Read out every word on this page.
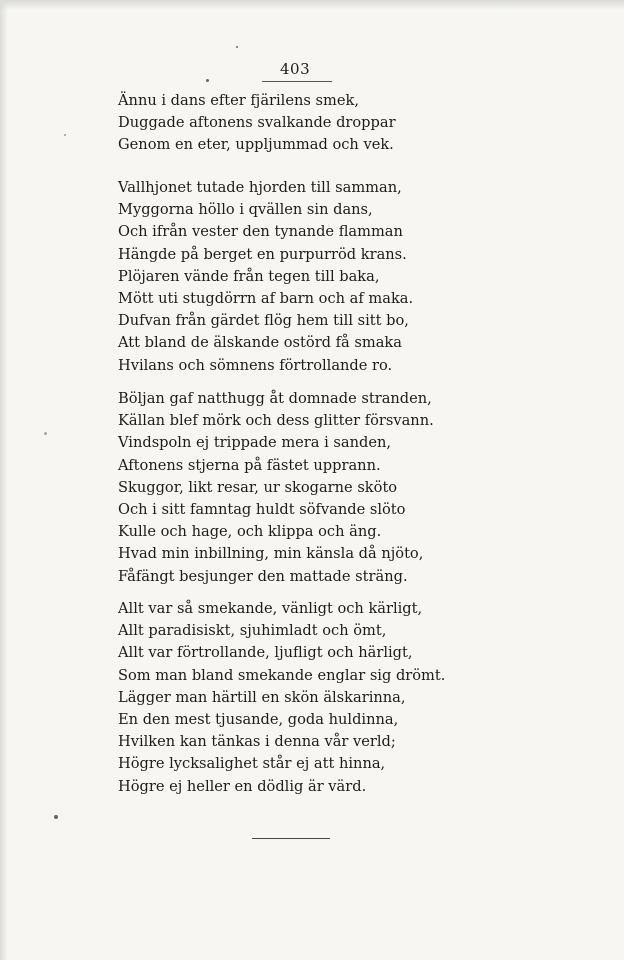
403
Ännu i dans efter fjärilens smek,
Duggade aftonens svalkande droppar
Genom en eter, uppljummad och vek.
Vallhjonet tutade hjorden till samman,
Myggorna höllo i qvällen sin dans,
Och ifrån vester den tynande flamman
Hängde på berget en purpurröd krans.
Plöjaren vände från tegen till baka,
Mött uti stugdörrn af barn och af maka.
Dufvan från gärdet flög hem till sitt bo,
Att bland de älskande ostörd få smaka
Hvilans och sömnens förtrollande ro.
Böljan gaf natthugg åt domnade stranden,
Källan blef mörk och dess glitter försvann.
Vindspoln ej trippade mera i sanden,
Aftonens stjerna på fästet upprann.
Skuggor, likt resar, ur skogarne sköto
Och i sitt famntag huldt söfvande slöto
Kulle och hage, och klippa och äng.
Hvad min inbillning, min känsla då njöto,
Fåfängt besjunger den mattade sträng.
Allt var så smekande, vänligt och kärligt,
Allt paradisiskt, sjuhimladt och ömt,
Allt var förtrollande, ljufligt och härligt,
Som man bland smekande englar sig drömt.
Lägger man härtill en skön älskarinna,
En den mest tjusande, goda huldinna,
Hvilken kan tänkas i denna vår verld;
Högre lycksalighet står ej att hinna,
Högre ej heller en dödlig är värd.
